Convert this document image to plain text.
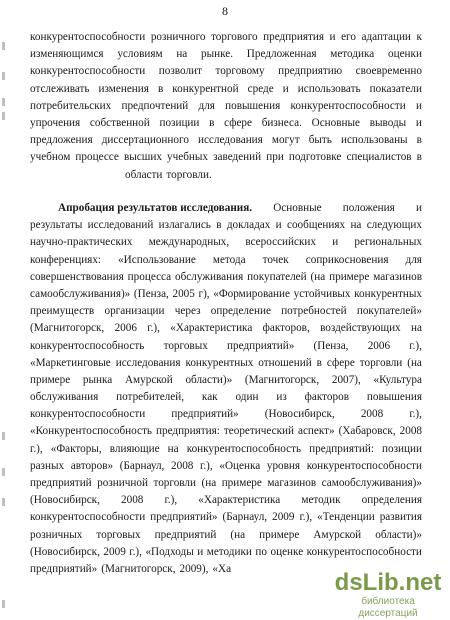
8
конкурентоспособности розничного торгового предприятия и его адаптации к
изменяющимся условиям на рынке. Предложенная методика оценки
конкурентоспособности позволит торговому предприятию своевременно
отслеживать изменения в конкурентной среде и использовать показатели
потребительских предпочтений для повышения конкурентоспособности и
упрочения собственной позиции в сфере бизнеса. Основные выводы и
предложения диссертационного исследования могут быть использованы в
учебном процессе высших учебных заведений при подготовке специалистов в
области торговли.
Апробация результатов исследования. Основные положения и
результаты исследований излагались в докладах и сообщениях на следующих
научно-практических международных, всероссийских и региональных
конференциях: «Использование метода точек соприкосновения для
совершенствования процесса обслуживания покупателей (на примере магазинов
самообслуживания)» (Пенза, 2005 г), «Формирование устойчивых конкурентных
преимуществ организации через определение потребностей покупателей»
(Магнитогорск, 2006 г.), «Характеристика факторов, воздействующих на
конкурентоспособность торговых предприятий» (Пенза, 2006 г.),
«Маркетинговые исследования конкурентных отношений в сфере торговли (на
примере рынка Амурской области)» (Магнитогорск, 2007), «Культура
обслуживания потребителей, как один из факторов повышения
конкурентоспособности предприятий» (Новосибирск, 2008 г.),
«Конкурентоспособность предприятия: теоретический аспект» (Хабаровск, 2008
г.), «Факторы, влияющие на конкурентоспособность предприятий: позиции
разных авторов» (Барнаул, 2008 г.), «Оценка уровня конкурентоспособности
предприятий розничной торговли (на примере магазинов самообслуживания)»
(Новосибирск, 2008 г.), «Характеристика методик определения
конкурентоспособности предприятий» (Барнаул, 2009 г.), «Тенденции развития
розничных торговых предприятий (на примере Амурской области)»
(Новосибирск, 2009 г.), «Подходы и методики по оценке конкурентоспособности
предприятий» (Магнитогорск, 2009), «Ха
dsLib.net
библиотека диссертаций
